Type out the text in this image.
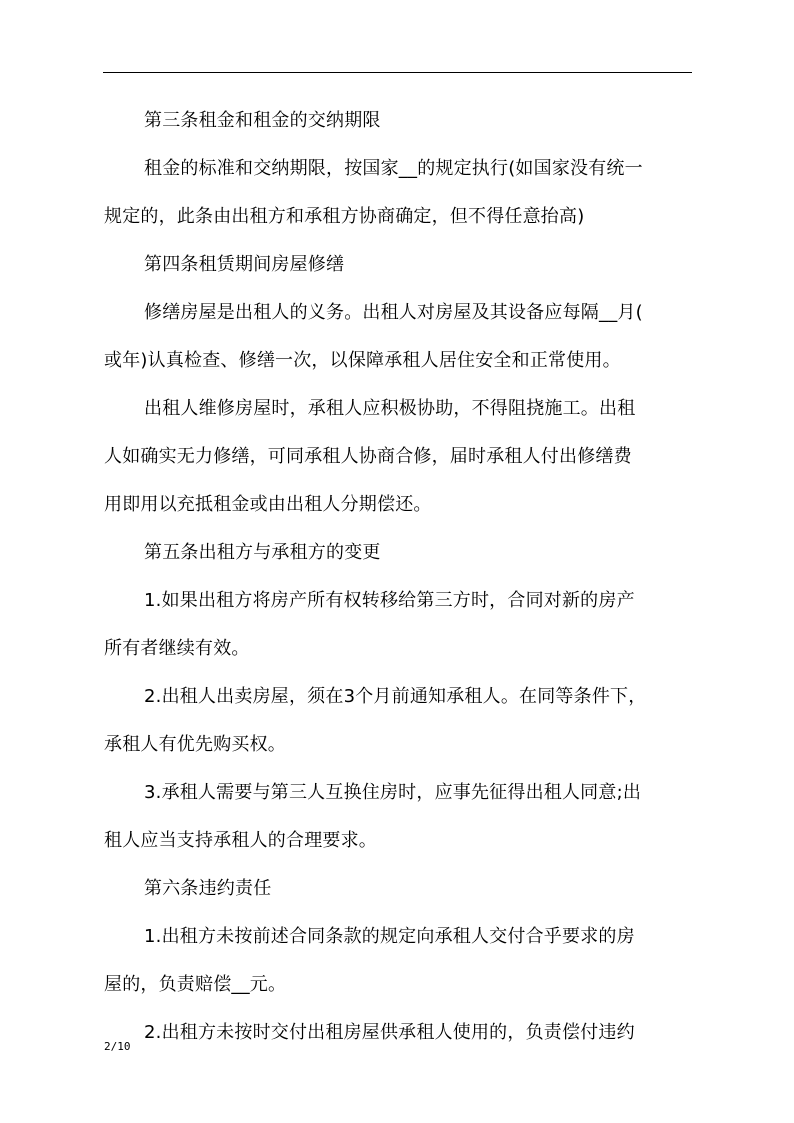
第三条租金和租金的交纳期限
租金的标准和交纳期限，按国家__的规定执行(如国家没有统一
规定的，此条由出租方和承租方协商确定，但不得任意抬高)
第四条租赁期间房屋修缮
修缮房屋是出租人的义务。出租人对房屋及其设备应每隔__月(
或年)认真检查、修缮一次，以保障承租人居住安全和正常使用。
出租人维修房屋时，承租人应积极协助，不得阻挠施工。出租
人如确实无力修缮，可同承租人协商合修，届时承租人付出修缮费
用即用以充抵租金或由出租人分期偿还。
第五条出租方与承租方的变更
1.如果出租方将房产所有权转移给第三方时，合同对新的房产
所有者继续有效。
2.出租人出卖房屋，须在3个月前通知承租人。在同等条件下，
承租人有优先购买权。
3.承租人需要与第三人互换住房时，应事先征得出租人同意;出
租人应当支持承租人的合理要求。
第六条违约责任
1.出租方未按前述合同条款的规定向承租人交付合乎要求的房
屋的，负责赔偿__元。
2.出租方未按时交付出租房屋供承租人使用的，负责偿付违约
2/10
